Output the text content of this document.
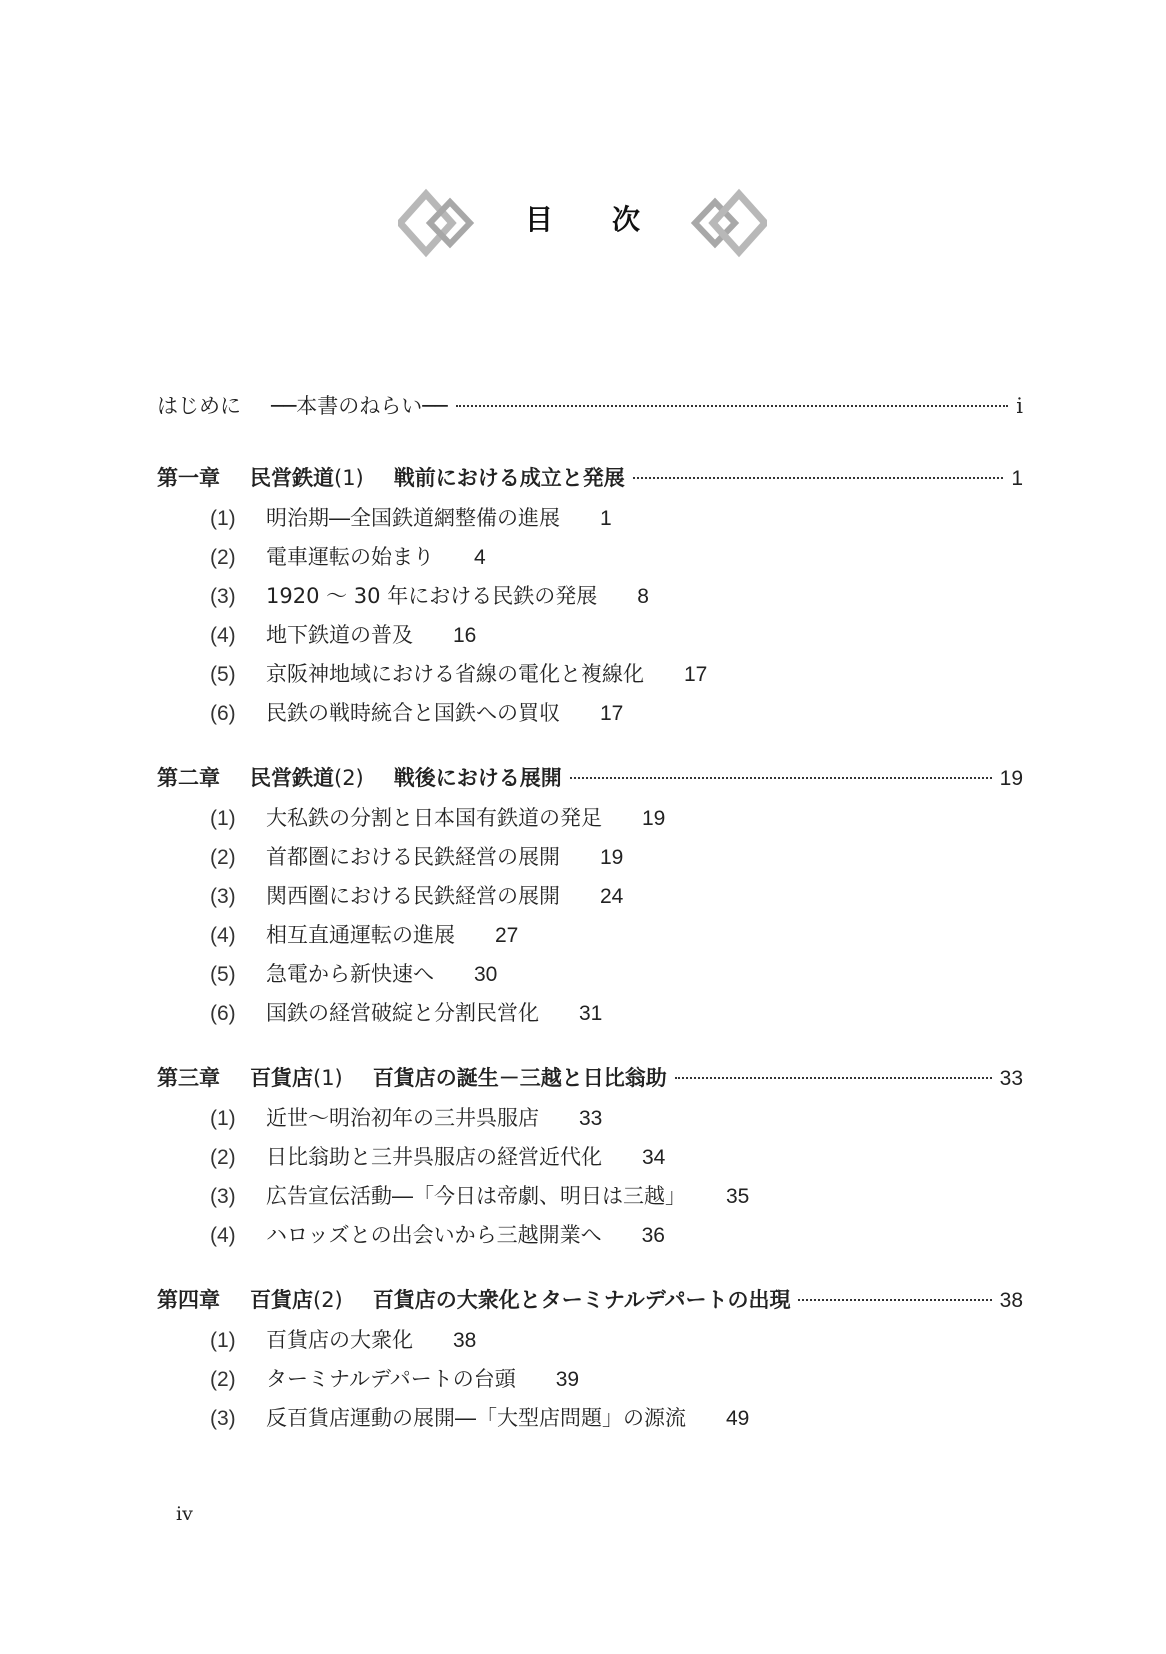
目 次
はじめに ──本書のねらい──	i
第一章 民営鉄道(1) 戦前における成立と発展	1
(1)	明治期―全国鉄道網整備の進展 1
(2)	電車運転の始まり 4
(3)	1920 〜 30 年における民鉄の発展 8
(4)	地下鉄道の普及 16
(5)	京阪神地域における省線の電化と複線化 17
(6)	民鉄の戦時統合と国鉄への買収 17
第二章 民営鉄道(2) 戦後における展開	19
(1)	大私鉄の分割と日本国有鉄道の発足 19
(2)	首都圏における民鉄経営の展開 19
(3)	関西圏における民鉄経営の展開 24
(4)	相互直通運転の進展 27
(5)	急電から新快速へ 30
(6)	国鉄の経営破綻と分割民営化 31
第三章 百貨店(1) 百貨店の誕生－三越と日比翁助	33
(1)	近世〜明治初年の三井呉服店 33
(2)	日比翁助と三井呉服店の経営近代化 34
(3)	広告宣伝活動―「今日は帝劇、明日は三越」 35
(4)	ハロッズとの出会いから三越開業へ 36
第四章 百貨店(2) 百貨店の大衆化とターミナルデパートの出現	38
(1)	百貨店の大衆化 38
(2)	ターミナルデパートの台頭 39
(3)	反百貨店運動の展開―「大型店問題」の源流 49
iv
